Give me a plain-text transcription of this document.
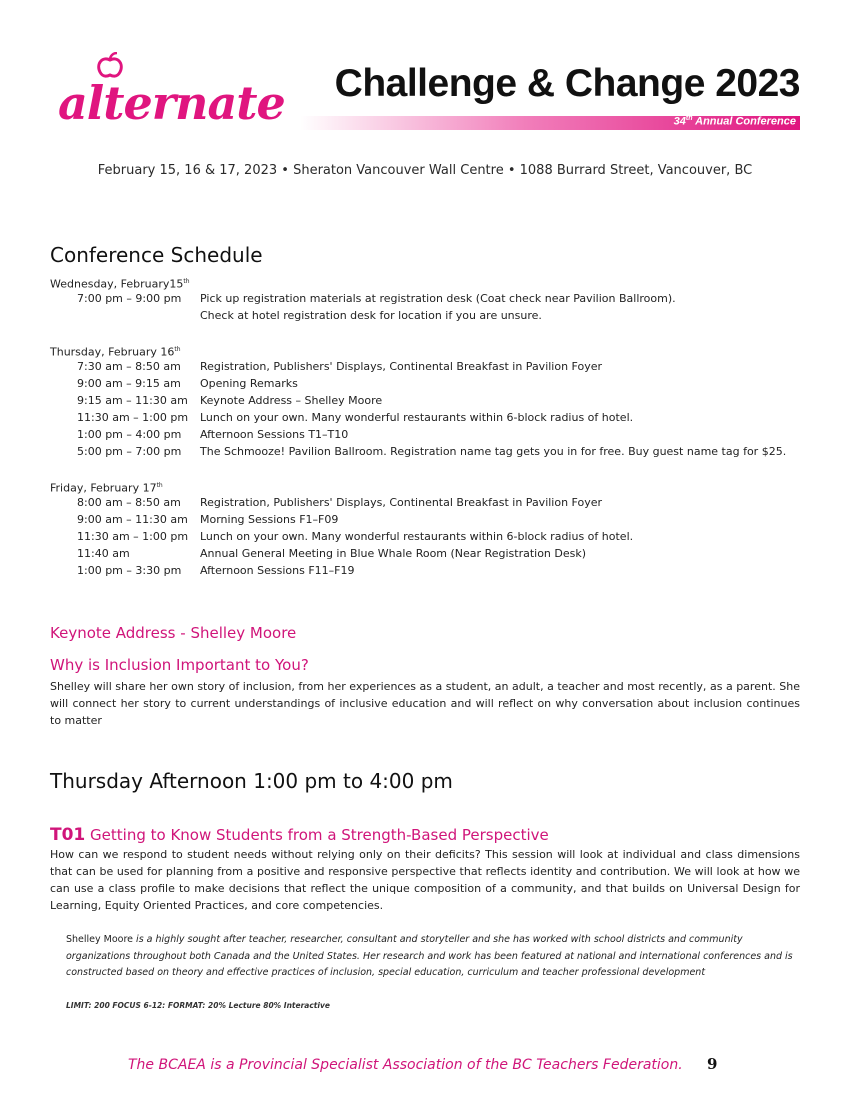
alternate	Challenge & Change 2023
34th Annual Conference
February 15, 16 & 17, 2023 • Sheraton Vancouver Wall Centre • 1088 Burrard Street, Vancouver, BC
Conference Schedule
Wednesday, February15th
7:00 pm – 9:00 pm	Pick up registration materials at registration desk (Coat check near Pavilion Ballroom).
Check at hotel registration desk for location if you are unsure.
Thursday, February 16th
7:30 am – 8:50 am	Registration, Publishers' Displays, Continental Breakfast in Pavilion Foyer
9:00 am – 9:15 am	Opening Remarks
9:15 am – 11:30 am	Keynote Address – Shelley Moore
11:30 am – 1:00 pm	Lunch on your own. Many wonderful restaurants within 6-block radius of hotel.
1:00 pm – 4:00 pm	Afternoon Sessions T1–T10
5:00 pm – 7:00 pm	The Schmooze! Pavilion Ballroom. Registration name tag gets you in for free. Buy guest name tag for $25.
Friday, February 17th
8:00 am – 8:50 am	Registration, Publishers' Displays, Continental Breakfast in Pavilion Foyer
9:00 am – 11:30 am	Morning Sessions F1–F09
11:30 am – 1:00 pm	Lunch on your own. Many wonderful restaurants within 6-block radius of hotel.
11:40 am	Annual General Meeting in Blue Whale Room (Near Registration Desk)
1:00 pm – 3:30 pm	Afternoon Sessions F11–F19
Keynote Address - Shelley Moore
Why is Inclusion Important to You?
Shelley will share her own story of inclusion, from her experiences as a student, an adult, a teacher and most recently, as a parent. She will connect her story to current understandings of inclusive education and will reflect on why conversation about inclusion continues to matter
Thursday Afternoon 1:00 pm to 4:00 pm
T01 Getting to Know Students from a Strength-Based Perspective
How can we respond to student needs without relying only on their deficits? This session will look at individual and class dimensions that can be used for planning from a positive and responsive perspective that reflects identity and contribution. We will look at how we can use a class profile to make decisions that reflect the unique composition of a community, and that builds on Universal Design for Learning, Equity Oriented Practices, and core competencies.
Shelley Moore is a highly sought after teacher, researcher, consultant and storyteller and she has worked with school districts and community organizations throughout both Canada and the United States. Her research and work has been featured at national and international conferences and is constructed based on theory and effective practices of inclusion, special education, curriculum and teacher professional development
LIMIT: 200 FOCUS 6-12: FORMAT: 20% Lecture 80% Interactive
The BCAEA is a Provincial Specialist Association of the BC Teachers Federation. 9
